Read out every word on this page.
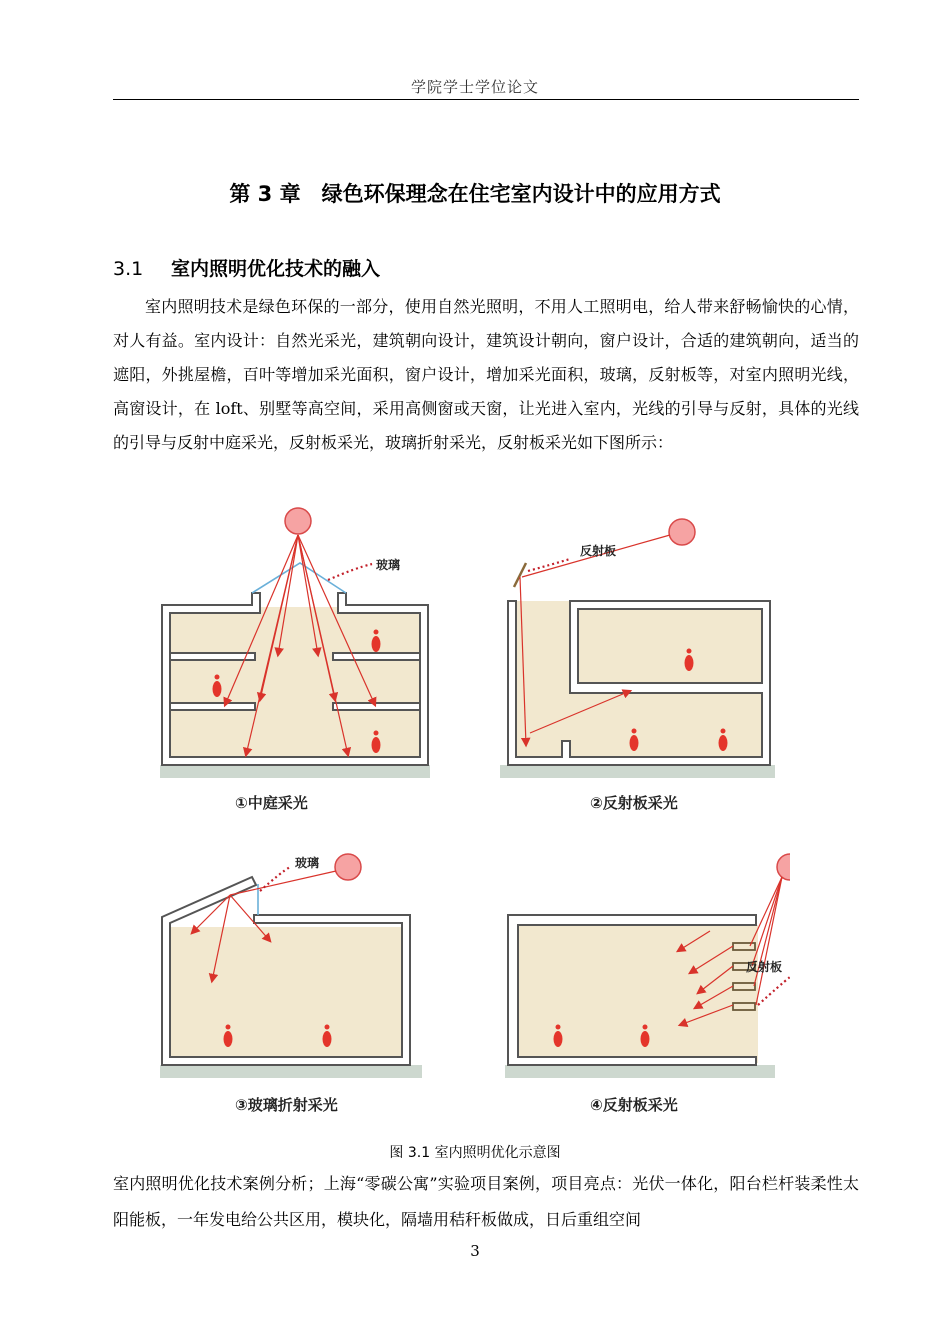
学院学士学位论文
第 3 章　绿色环保理念在住宅室内设计中的应用方式
3.1 室内照明优化技术的融入
室内照明技术是绿色环保的一部分，使用自然光照明，不用人工照明电，给人带来舒畅愉快的心情，对人有益。室内设计：自然光采光，建筑朝向设计，建筑设计朝向，窗户设计，合适的建筑朝向，适当的遮阳，外挑屋檐，百叶等增加采光面积，窗户设计，增加采光面积，玻璃，反射板等，对室内照明光线，高窗设计，在 loft、别墅等高空间，采用高侧窗或天窗，让光进入室内，光线的引导与反射，具体的光线的引导与反射中庭采光，反射板采光，玻璃折射采光，反射板采光如下图所示：
玻璃
①中庭采光
反射板
②反射板采光
玻璃
③玻璃折射采光
反射板
④反射板采光
图 3.1 室内照明优化示意图
室内照明优化技术案例分析；上海“零碳公寓”实验项目案例，项目亮点：光伏一体化，阳台栏杆装柔性太阳能板，一年发电给公共区用，模块化，隔墙用秸秆板做成，日后重组空间
3
